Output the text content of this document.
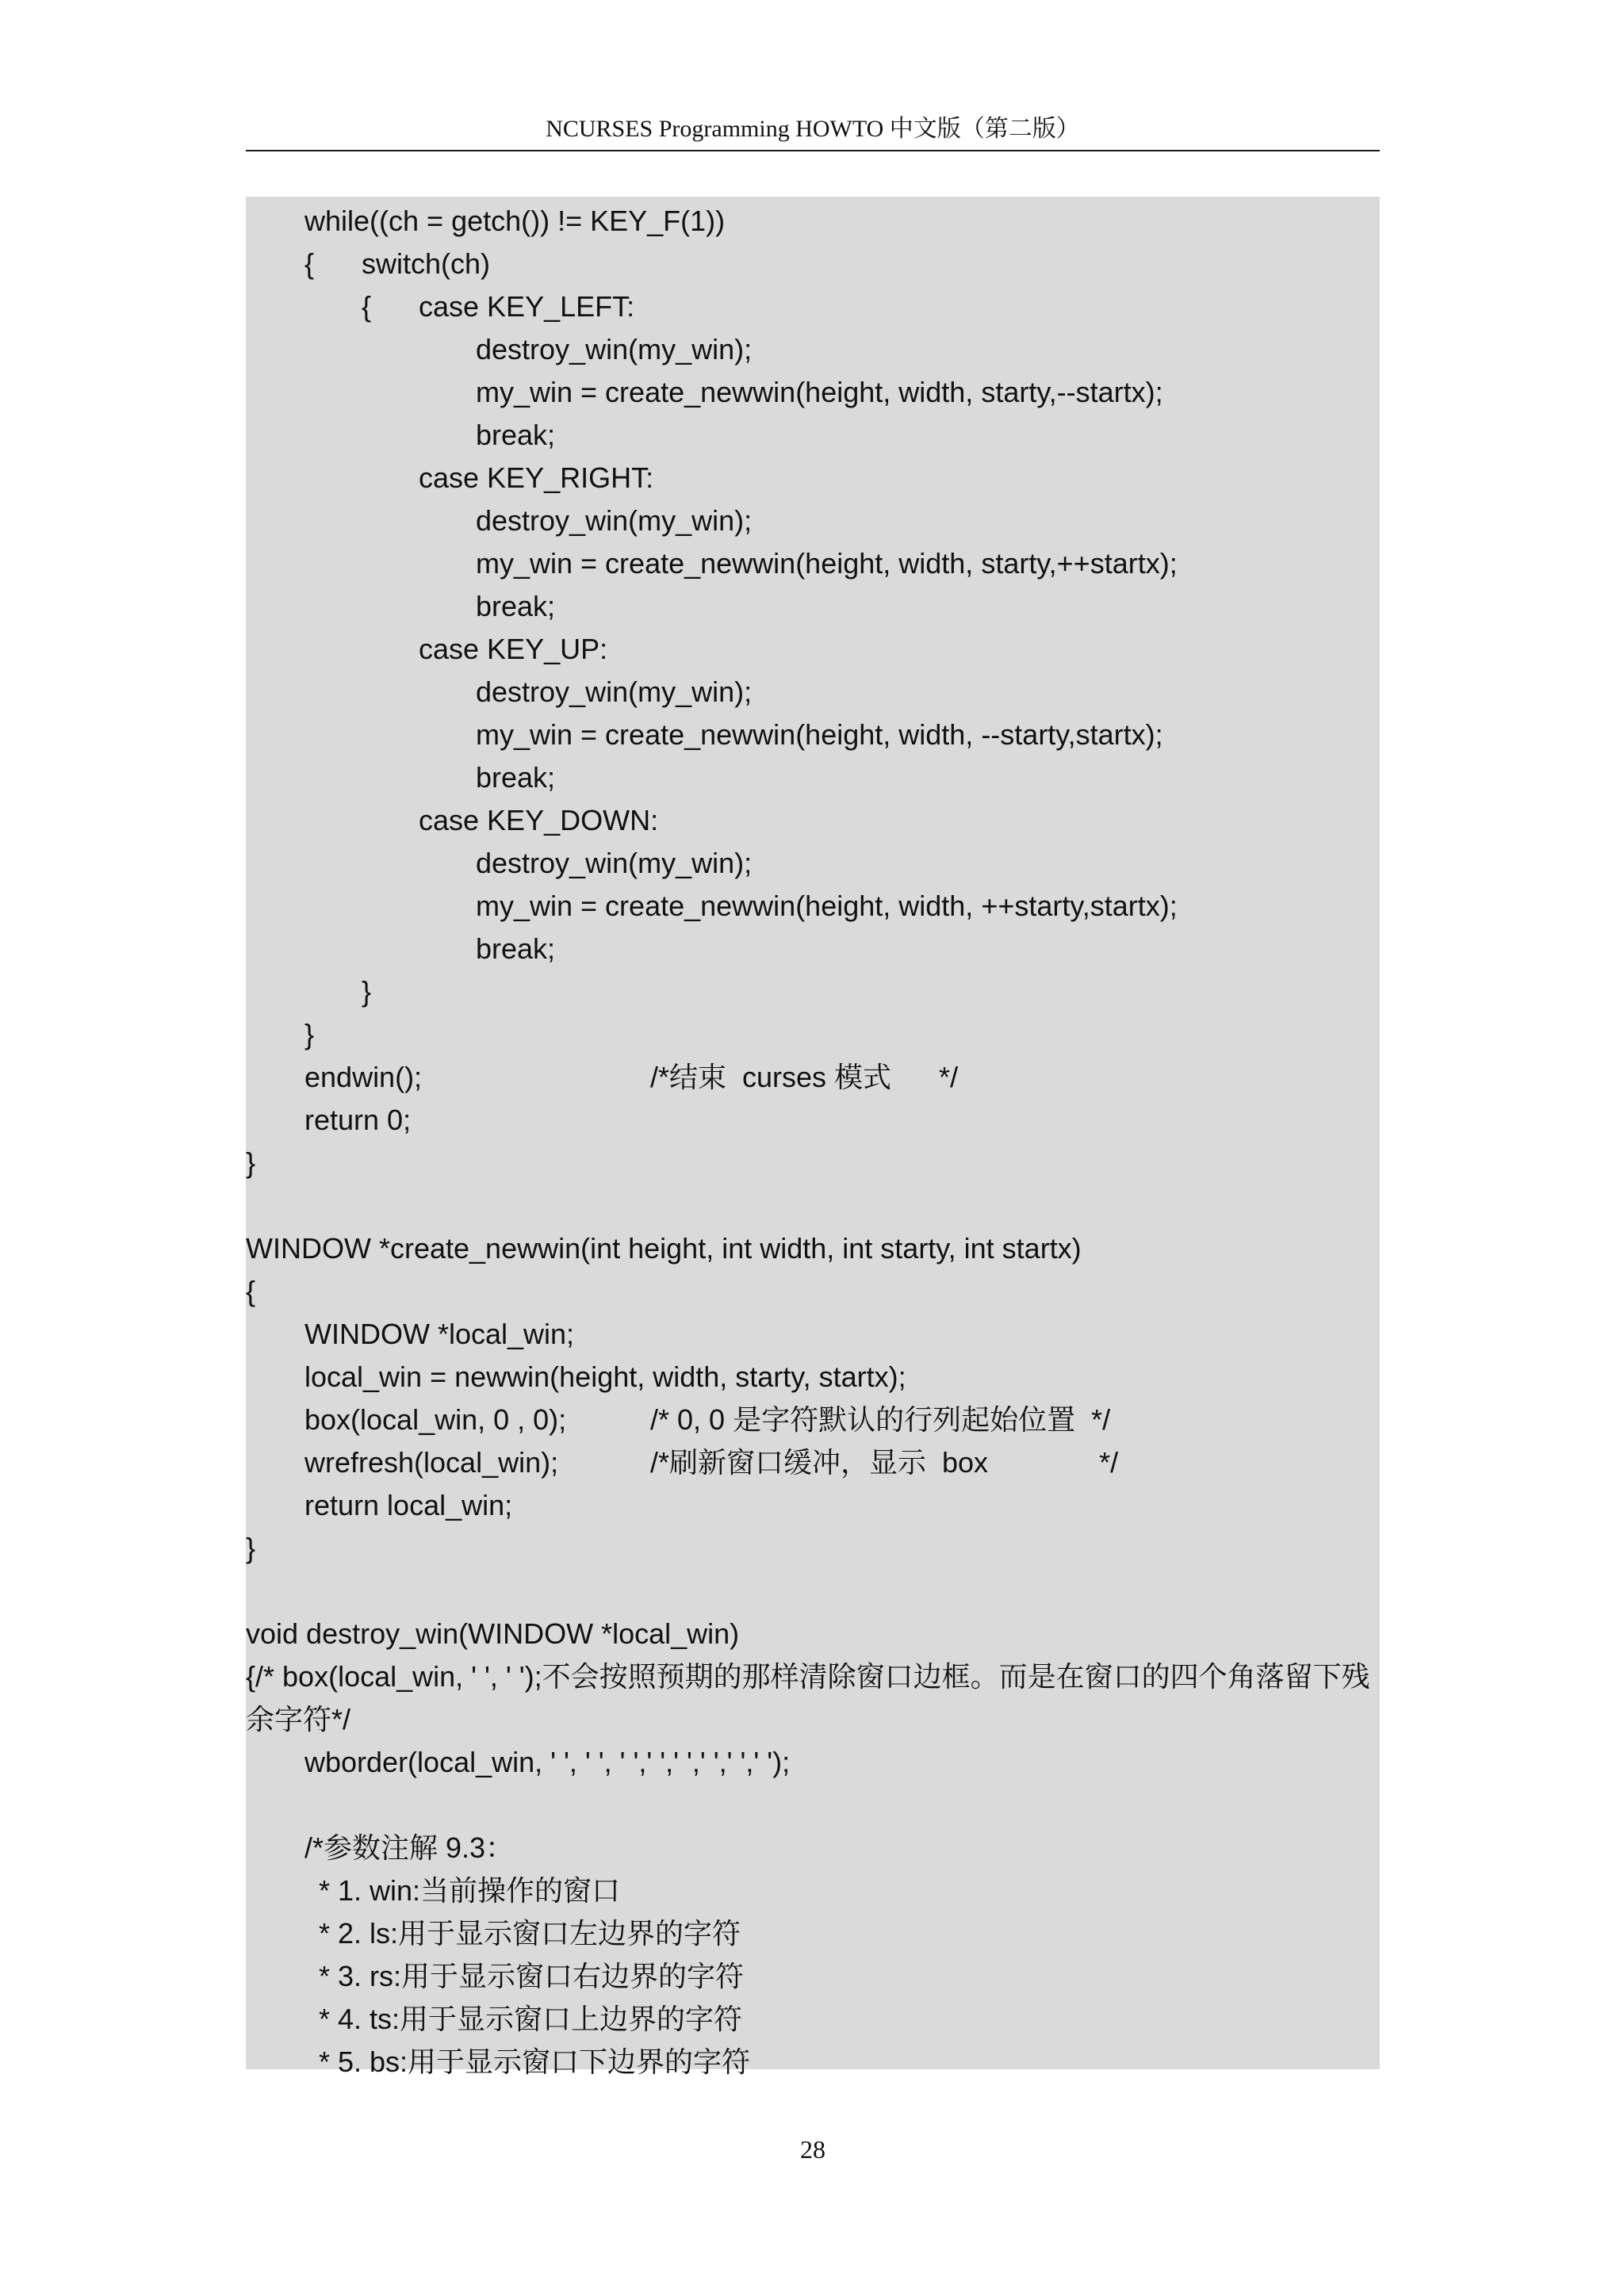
NCURSES Programming HOWTO 中文版（第二版）
while((ch = getch()) != KEY_F(1))
{ switch(ch)
{ case KEY_LEFT:
destroy_win(my_win);
my_win = create_newwin(height, width, starty,--startx);
break;
case KEY_RIGHT:
destroy_win(my_win);
my_win = create_newwin(height, width, starty,++startx);
break;
case KEY_UP:
destroy_win(my_win);
my_win = create_newwin(height, width, --starty,startx);
break;
case KEY_DOWN:
destroy_win(my_win);
my_win = create_newwin(height, width, ++starty,startx);
break;
}
}
endwin();	/*结束  curses 模式      */
return 0;
}
WINDOW *create_newwin(int height, int width, int starty, int startx)
{
WINDOW *local_win;
local_win = newwin(height, width, starty, startx);
box(local_win, 0 , 0);	/* 0, 0 是字符默认的行列起始位置  */
wrefresh(local_win);	/*刷新窗口缓冲，显示  box              */
return local_win;
}
void destroy_win(WINDOW *local_win)
{/* box(local_win, ' ', ' ');不会按照预期的那样清除窗口边框。而是在窗口的四个角落留下残
余字符*/
wborder(local_win, ' ', ' ', ' ',' ',' ',' ',' ',' ');
/*参数注解 9.3：
* 1. win:当前操作的窗口
* 2. ls:用于显示窗口左边界的字符
* 3. rs:用于显示窗口右边界的字符
* 4. ts:用于显示窗口上边界的字符
* 5. bs:用于显示窗口下边界的字符
28
